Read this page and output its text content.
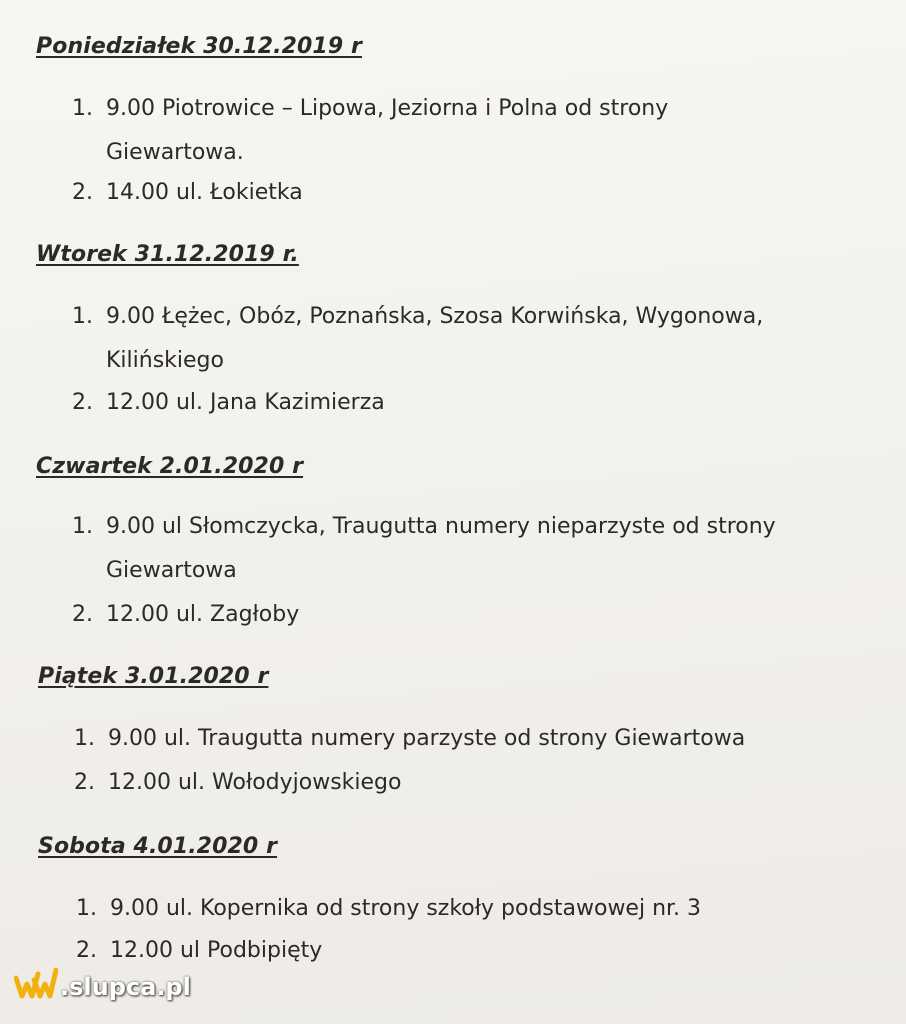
Poniedziałek 30.12.2019 r
1. 9.00 Piotrowice – Lipowa, Jeziorna i Polna od strony
Giewartowa.
2. 14.00 ul. Łokietka
Wtorek 31.12.2019 r.
1. 9.00 Łężec, Obóz, Poznańska, Szosa Korwińska, Wygonowa,
Kilińskiego
2. 12.00 ul. Jana Kazimierza
Czwartek 2.01.2020 r
1. 9.00 ul Słomczycka, Traugutta numery nieparzyste od strony
Giewartowa
2. 12.00 ul. Zagłoby
Piątek 3.01.2020 r
1. 9.00 ul. Traugutta numery parzyste od strony Giewartowa
2. 12.00 ul. Wołodyjowskiego
Sobota 4.01.2020 r
1. 9.00 ul. Kopernika od strony szkoły podstawowej nr. 3
2. 12.00 ul Podbipięty
.slupca.pl
